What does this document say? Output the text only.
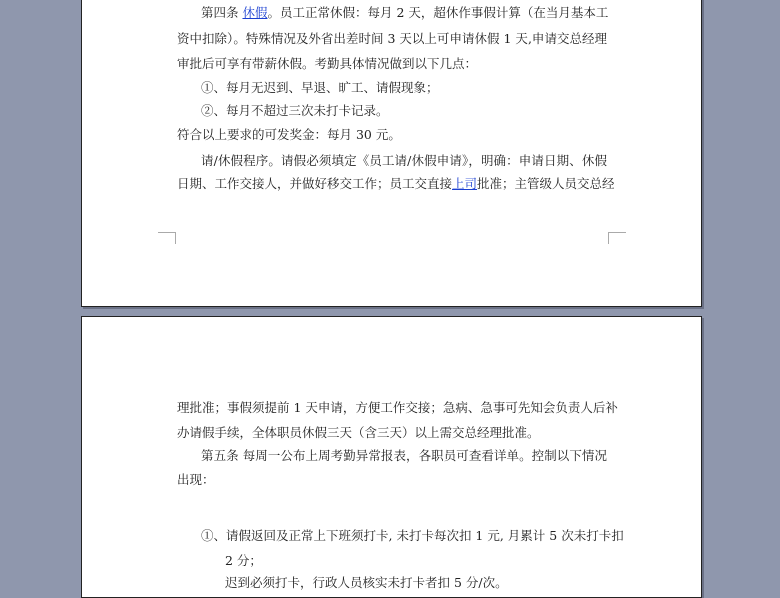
第四条 休假。员工正常休假：每月 2 天，超休作事假计算（在当月基本工
资中扣除）。特殊情况及外省出差时间 3 天以上可申请休假 1 天,申请交总经理
审批后可享有带薪休假。考勤具体情况做到以下几点：
①、每月无迟到、早退、旷工、请假现象；
②、每月不超过三次未打卡记录。
符合以上要求的可发奖金：每月 30 元。
请/休假程序。请假必须填定《员工请/休假申请》，明确：申请日期、休假
日期、工作交接人，并做好移交工作；员工交直接上司批准；主管级人员交总经
理批准；事假须提前 1 天申请，方便工作交接；急病、急事可先知会负责人后补
办请假手续，全体职员休假三天（含三天）以上需交总经理批准。
第五条 每周一公布上周考勤异常报表，各职员可查看详单。控制以下情况
出现：
①、请假返回及正常上下班须打卡, 未打卡每次扣 1 元, 月累计 5 次未打卡扣
2 分；
迟到必须打卡，行政人员核实未打卡者扣 5 分/次。
